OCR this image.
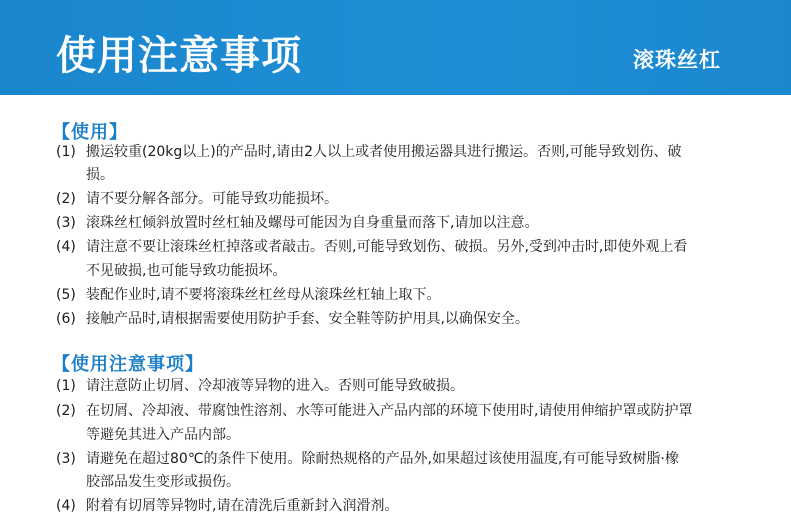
使用注意事项	滚珠丝杠
【使用】
(1) 搬运较重(20kg以上)的产品时,请由2人以上或者使用搬运器具进行搬运。否则,可能导致划伤、破
损。
(2) 请不要分解各部分。可能导致功能损坏。
(3) 滚珠丝杠倾斜放置时丝杠轴及螺母可能因为自身重量而落下,请加以注意。
(4) 请注意不要让滚珠丝杠掉落或者敲击。否则,可能导致划伤、破损。另外,受到冲击时,即使外观上看
不见破损,也可能导致功能损坏。
(5) 装配作业时,请不要将滚珠丝杠丝母从滚珠丝杠轴上取下。
(6) 接触产品时,请根据需要使用防护手套、安全鞋等防护用具,以确保安全。
【使用注意事项】
(1) 请注意防止切屑、冷却液等异物的进入。否则可能导致破损。
(2) 在切屑、冷却液、带腐蚀性溶剂、水等可能进入产品内部的环境下使用时,请使用伸缩护罩或防护罩
等避免其进入产品内部。
(3) 请避免在超过80℃的条件下使用。除耐热规格的产品外,如果超过该使用温度,有可能导致树脂·橡
胶部品发生变形或损伤。
(4) 附着有切屑等异物时,请在清洗后重新封入润滑剂。
